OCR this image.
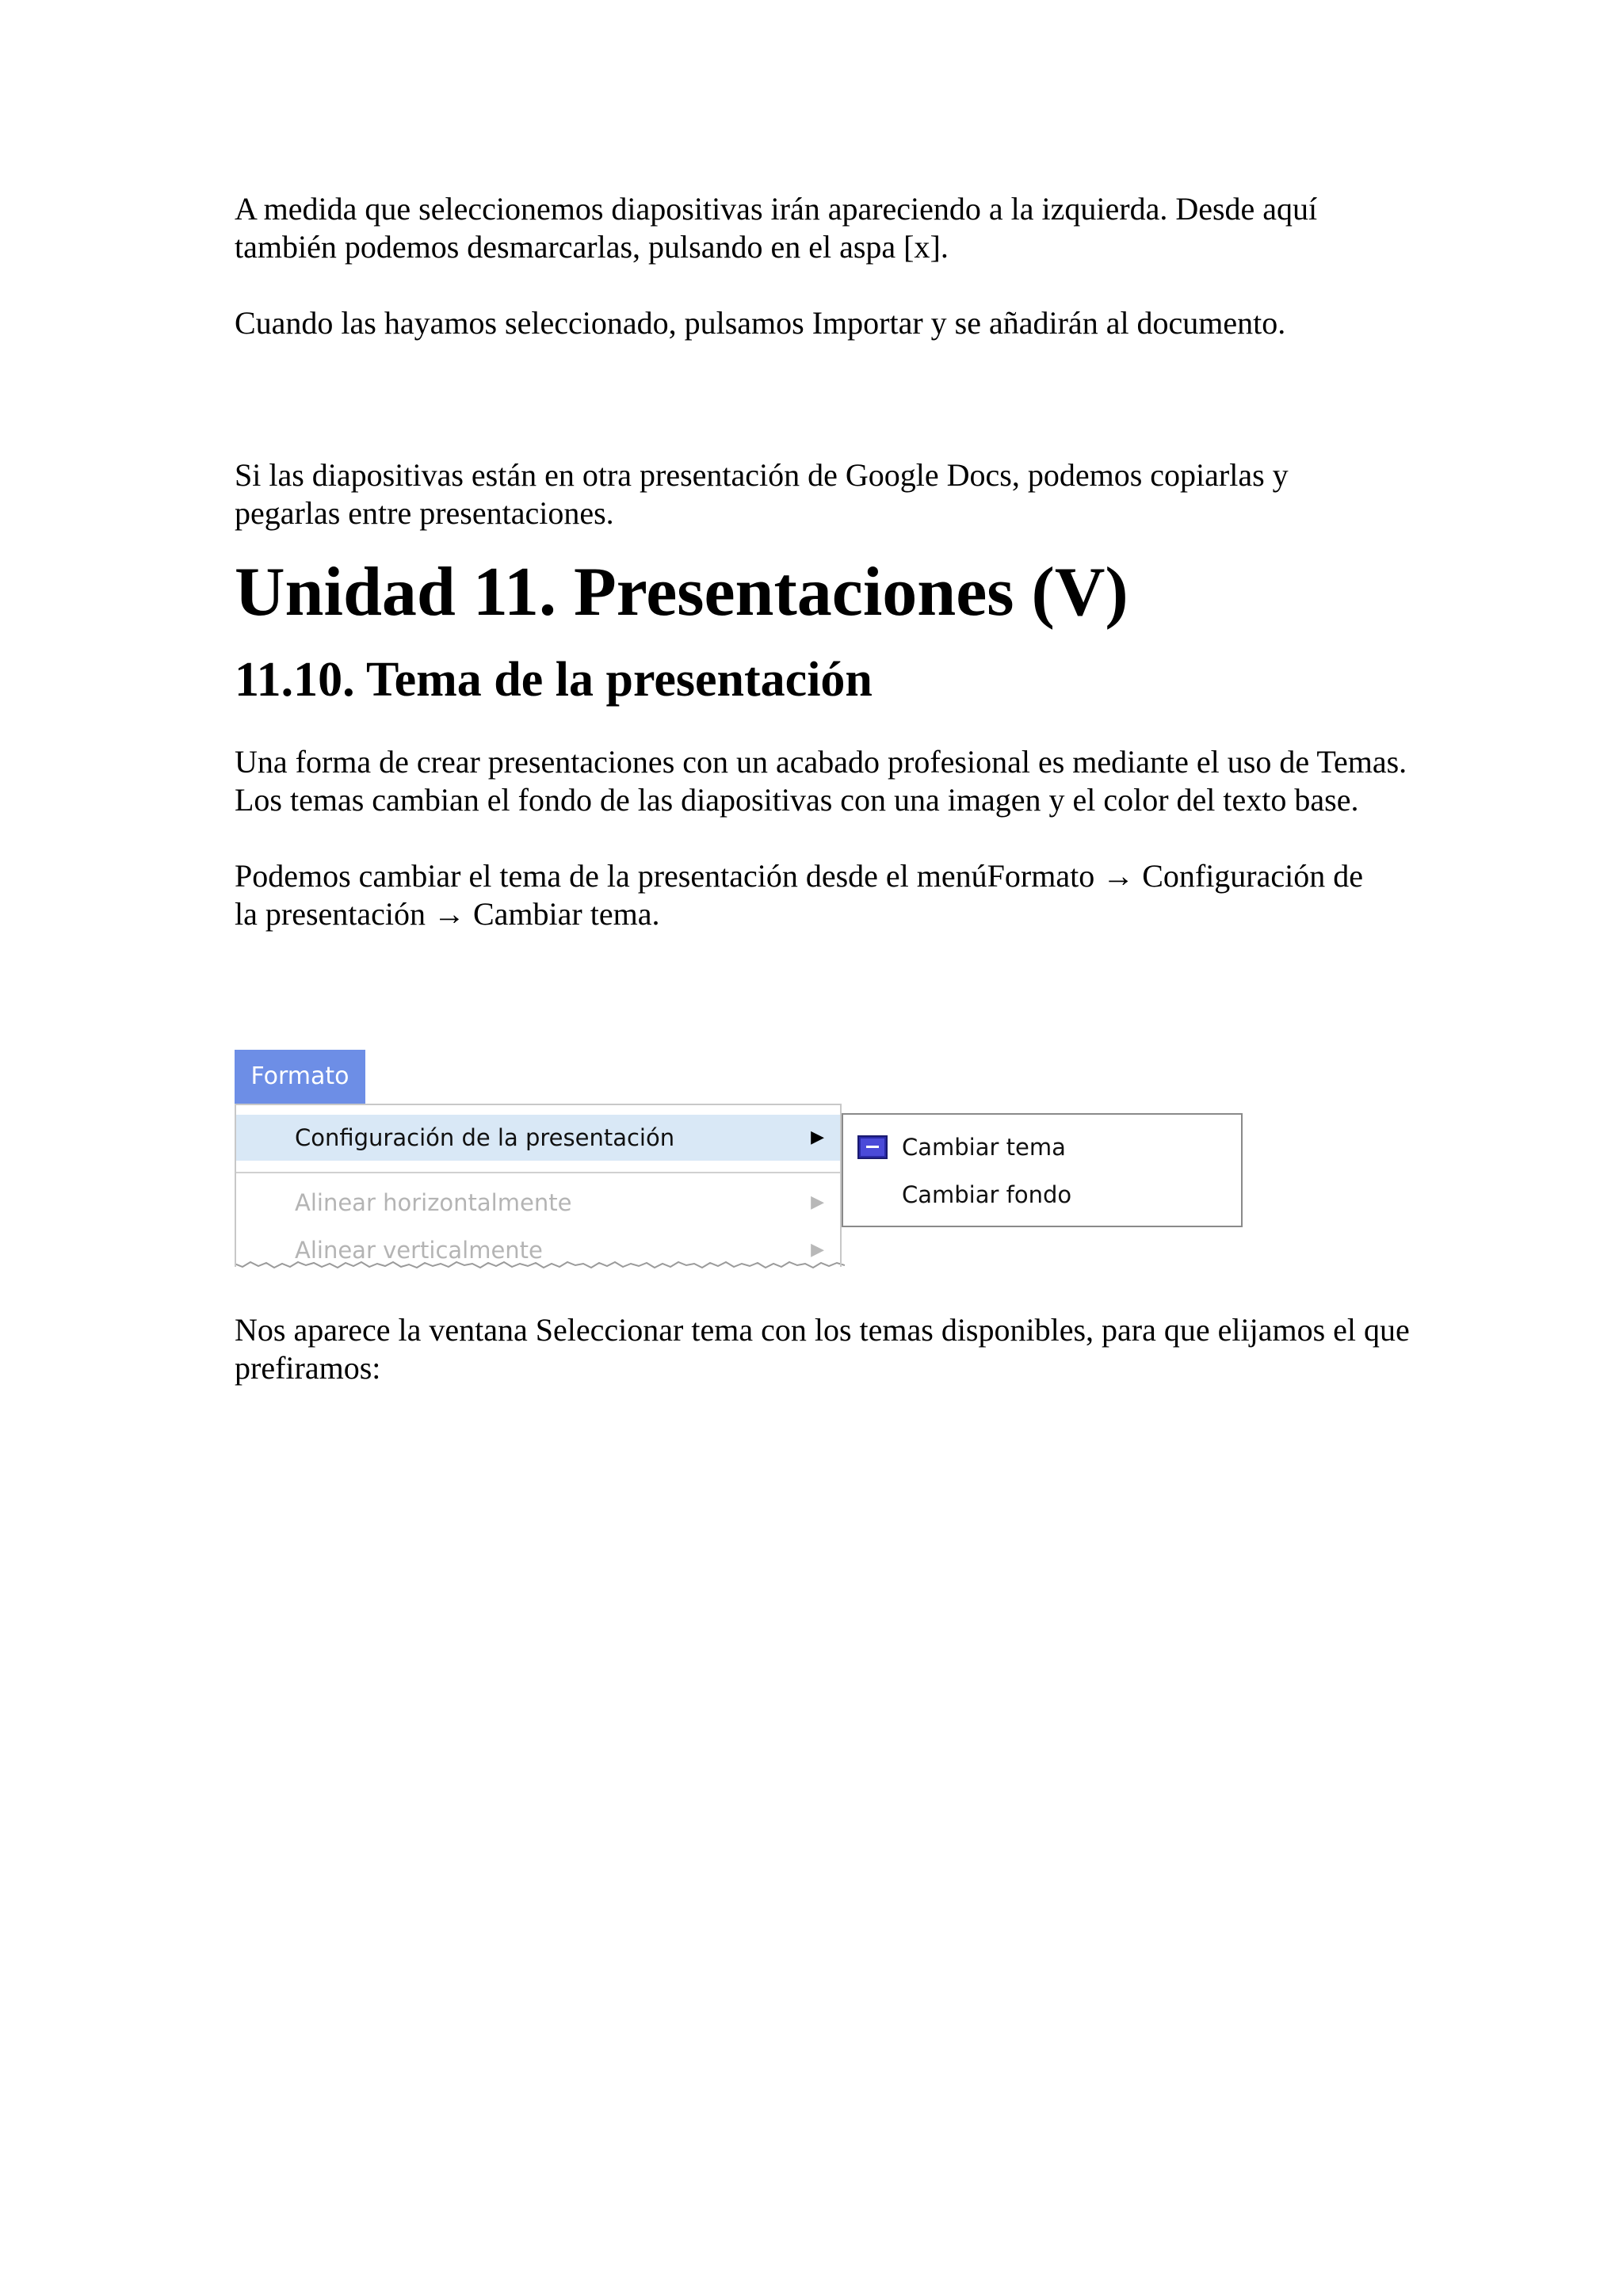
A medida que seleccionemos diapositivas irán apareciendo a la izquierda. Desde aquí también podemos desmarcarlas, pulsando en el aspa [x].

Cuando las hayamos seleccionado, pulsamos Importar y se añadirán al documento.

Si las diapositivas están en otra presentación de Google Docs, podemos copiarlas y pegarlas entre presentaciones.

Unidad 11. Presentaciones (V)
11.10. Tema de la presentación

Una forma de crear presentaciones con un acabado profesional es mediante el uso de Temas. Los temas cambian el fondo de las diapositivas con una imagen y el color del texto base.

Podemos cambiar el tema de la presentación desde el menúFormato → Configuración de la presentación → Cambiar tema.

Formato
Configuración de la presentación	▶
Alinear horizontalmente	▶
Alinear verticalmente	▶
Cambiar tema
Cambiar fondo

Nos aparece la ventana Seleccionar tema con los temas disponibles, para que elijamos el que prefiramos:
